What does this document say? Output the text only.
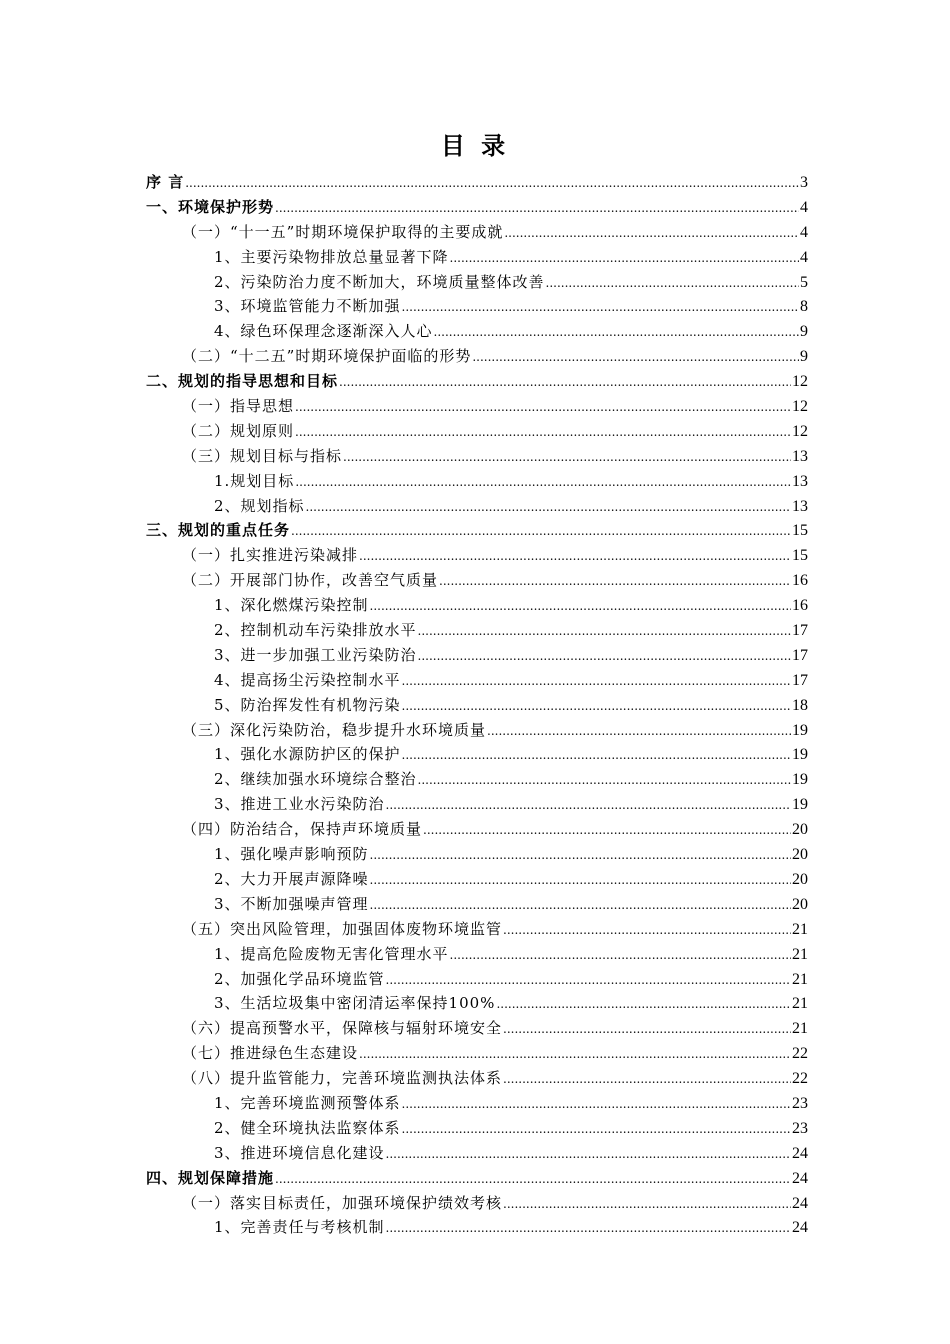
目 录
序 言 .....	3
一、环境保护形势 .....	4
（一）“十一五”时期环境保护取得的主要成就 .....	4
1、主要污染物排放总量显著下降 .....	4
2、污染防治力度不断加大，环境质量整体改善 .....	5
3、环境监管能力不断加强 .....	8
4、绿色环保理念逐渐深入人心 .....	9
（二）“十二五”时期环境保护面临的形势 .....	9
二、规划的指导思想和目标 .....	12
（一）指导思想 .....	12
（二）规划原则 .....	12
（三）规划目标与指标 .....	13
1.规划目标 .....	13
2、规划指标 .....	13
三、规划的重点任务 .....	15
（一）扎实推进污染减排 .....	15
（二）开展部门协作，改善空气质量 .....	16
1、深化燃煤污染控制 .....	16
2、控制机动车污染排放水平 .....	17
3、进一步加强工业污染防治 .....	17
4、提高扬尘污染控制水平 .....	17
5、防治挥发性有机物污染 .....	18
（三）深化污染防治，稳步提升水环境质量 .....	19
1、强化水源防护区的保护 .....	19
2、继续加强水环境综合整治 .....	19
3、推进工业水污染防治 .....	19
（四）防治结合，保持声环境质量 .....	20
1、强化噪声影响预防 .....	20
2、大力开展声源降噪 .....	20
3、不断加强噪声管理 .....	20
（五）突出风险管理，加强固体废物环境监管 .....	21
1、提高危险废物无害化管理水平 .....	21
2、加强化学品环境监管 .....	21
3、生活垃圾集中密闭清运率保持100% .....	21
（六）提高预警水平，保障核与辐射环境安全 .....	21
（七）推进绿色生态建设 .....	22
（八）提升监管能力，完善环境监测执法体系 .....	22
1、完善环境监测预警体系 .....	23
2、健全环境执法监察体系 .....	23
3、推进环境信息化建设 .....	24
四、规划保障措施 .....	24
（一）落实目标责任，加强环境保护绩效考核 .....	24
1、完善责任与考核机制 .....	24
